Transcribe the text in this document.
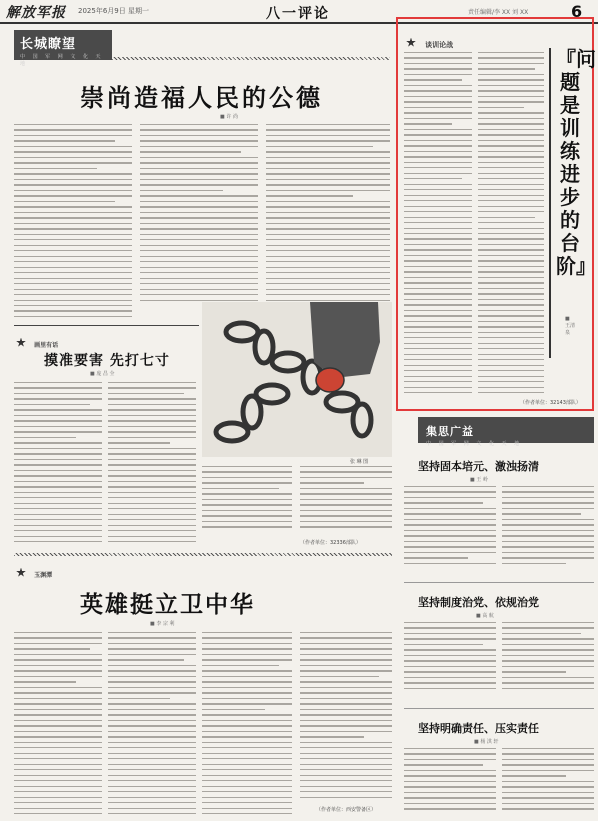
解放军报 2025年6月9日 星期一	八一评论	责任编辑/李 XX 刘 XX	6
长城瞭望
中 国 军 网 文 化 天 地
崇尚造福人民的公德
■ 许 尚
谈训论战
『问题是训练进步的台阶』
■ 王清泉
（作者单位：32143部队）
画里有话
摸准要害 先打七寸
■ 庞 昌 全
张 琳 图
（作者单位：32336部队）
玉渊潭
英雄挺立卫中华
■ 李 宗 利
（作者单位：西安警备区）
集思广益
中 国 军 网 文 化 天 地
坚持固本培元、激浊扬清
■ 王 岭
坚持制度治党、依规治党
■ 高 航
坚持明确责任、压实责任
■ 杨 淇 轩
